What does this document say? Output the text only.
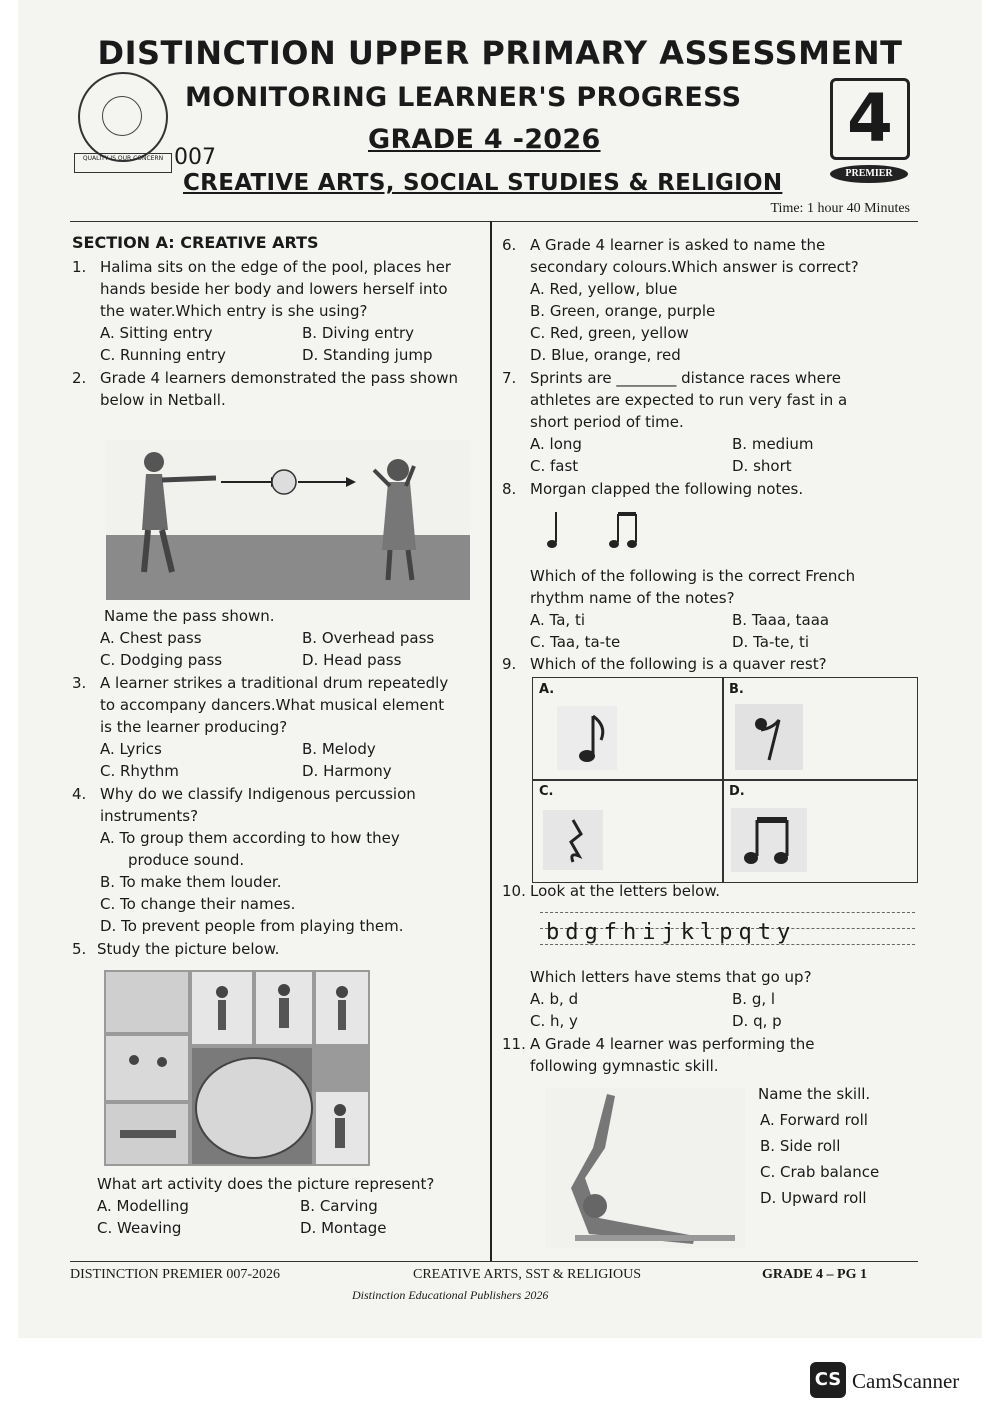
QUALITY IS OUR CONCERN
DISTINCTION UPPER PRIMARY ASSESSMENT
MONITORING LEARNER'S PROGRESS
GRADE 4 -2026
007
CREATIVE ARTS, SOCIAL STUDIES & RELIGION
Time: 1 hour 40 Minutes
4
PREMIER
SECTION A: CREATIVE ARTS
1. Halima sits on the edge of the pool, places her
hands beside her body and lowers herself into
the water.Which entry is she using?
A. Sitting entry	B. Diving entry
C. Running entry	D. Standing jump
2. Grade 4 learners demonstrated the pass shown
below in Netball.
Name the pass shown.
A. Chest pass	B. Overhead pass
C. Dodging pass	D. Head pass
3. A learner strikes a traditional drum repeatedly
to accompany dancers.What musical element
is the learner producing?
A. Lyrics	B. Melody
C. Rhythm	D. Harmony
4. Why do we classify Indigenous percussion
instruments?
A. To group them according to how they
produce sound.
B. To make them louder.
C. To change their names.
D. To prevent people from playing them.
5. Study the picture below.
What art activity does the picture represent?
A. Modelling	B. Carving
C. Weaving	D. Montage
6. A Grade 4 learner is asked to name the
secondary colours.Which answer is correct?
A. Red, yellow, blue
B. Green, orange, purple
C. Red, green, yellow
D. Blue, orange, red
7. Sprints are ________ distance races where
athletes are expected to run very fast in a
short period of time.
A. long	B. medium
C. fast	D. short
8. Morgan clapped the following notes.
Which of the following is the correct French
rhythm name of the notes?
A. Ta, ti	B. Taaa, taaa
C. Taa, ta-te	D. Ta-te, ti
9. Which of the following is a quaver rest?
A.	B.
C.	D.
10. Look at the letters below.
bdgfhijklpqty
Which letters have stems that go up?
A. b, d	B. g, l
C. h, y	D. q, p
11. A Grade 4 learner was performing the
following gymnastic skill.
Name the skill.
A. Forward roll
B. Side roll
C. Crab balance
D. Upward roll
DISTINCTION PREMIER 007-2026	CREATIVE ARTS, SST & RELIGIOUS	GRADE 4 – PG 1
Distinction Educational Publishers 2026
CS CamScanner
